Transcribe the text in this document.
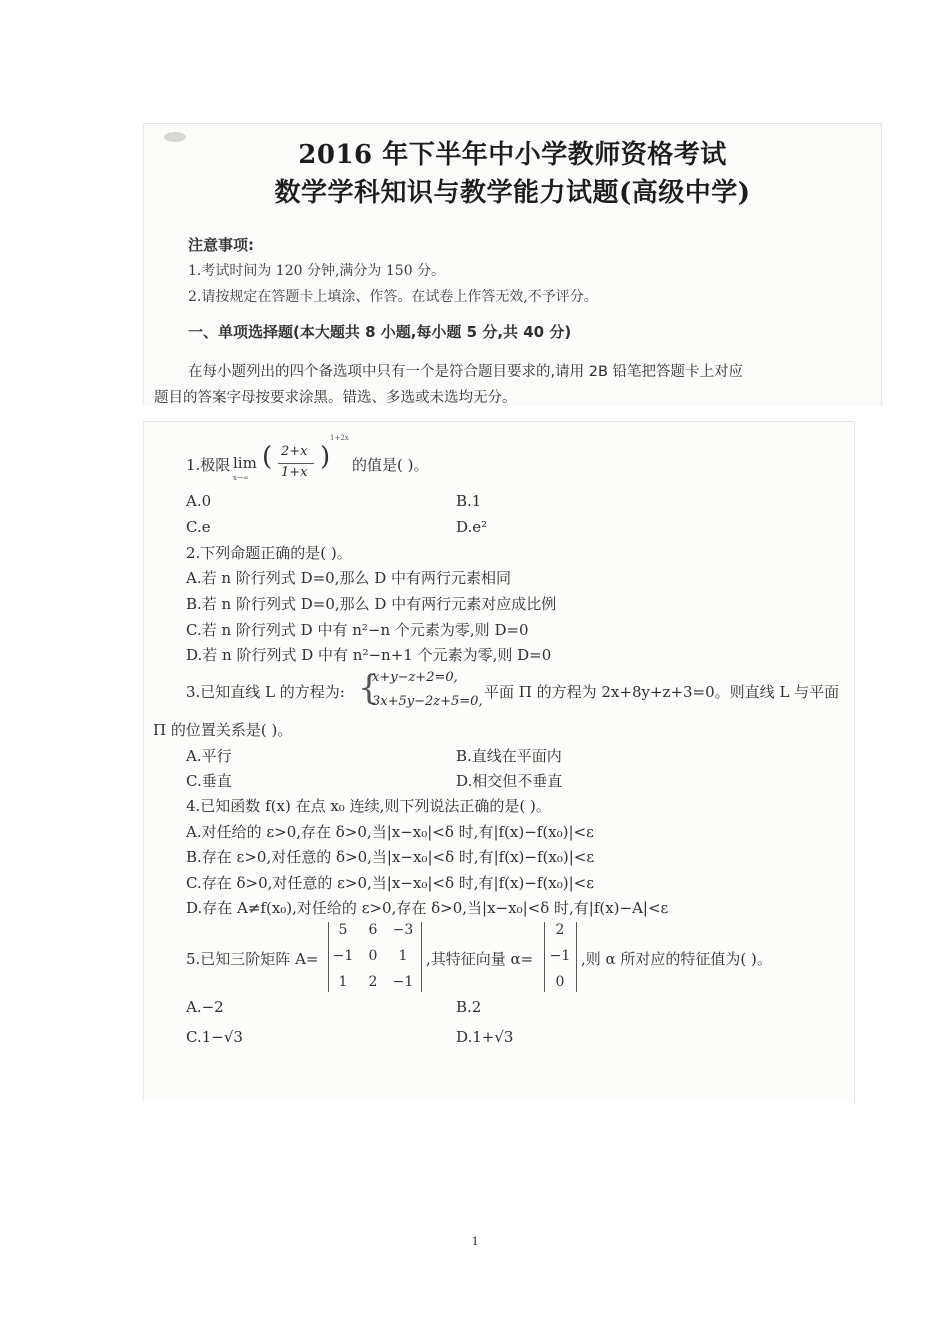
2016 年下半年中小学教师资格考试
数学学科知识与教学能力试题(高级中学)
注意事项:
1.考试时间为 120 分钟,满分为 150 分。
2.请按规定在答题卡上填涂、作答。在试卷上作答无效,不予评分。
一、单项选择题(本大题共 8 小题,每小题 5 分,共 40 分)
在每小题列出的四个备选项中只有一个是符合题目要求的,请用 2B 铅笔把答题卡上对应
题目的答案字母按要求涂黑。错选、多选或未选均无分。
1.极限 lim
x→∞
( 2+x
1+x
)
1+2x
的值是( )。
A.0	B.1
C.e	D.e²
2.下列命题正确的是( )。
A.若 n 阶行列式 D=0,那么 D 中有两行元素相同
B.若 n 阶行列式 D=0,那么 D 中有两行元素对应成比例
C.若 n 阶行列式 D 中有 n²−n 个元素为零,则 D=0
D.若 n 阶行列式 D 中有 n²−n+1 个元素为零,则 D=0
3.已知直线 L 的方程为: {
x+y−z+2=0,
3x+5y−2z+5=0,
平面 Π 的方程为 2x+8y+z+3=0。则直线 L 与平面
Π 的位置关系是( )。
A.平行	B.直线在平面内
C.垂直	D.相交但不垂直
4.已知函数 f(x) 在点 x₀ 连续,则下列说法正确的是( )。
A.对任给的 ε>0,存在 δ>0,当|x−x₀|<δ 时,有|f(x)−f(x₀)|<ε
B.存在 ε>0,对任意的 δ>0,当|x−x₀|<δ 时,有|f(x)−f(x₀)|<ε
C.存在 δ>0,对任意的 ε>0,当|x−x₀|<δ 时,有|f(x)−f(x₀)|<ε
D.存在 A≠f(x₀),对任给的 ε>0,存在 δ>0,当|x−x₀|<δ 时,有|f(x)−A|<ε
5.已知三阶矩阵 A=
5	6	−3
−1	0	1
1	2	−1
,其特征向量 α=
2
−1
0
,则 α 所对应的特征值为( )。
A.−2	B.2
C.1−√3	D.1+√3
1
